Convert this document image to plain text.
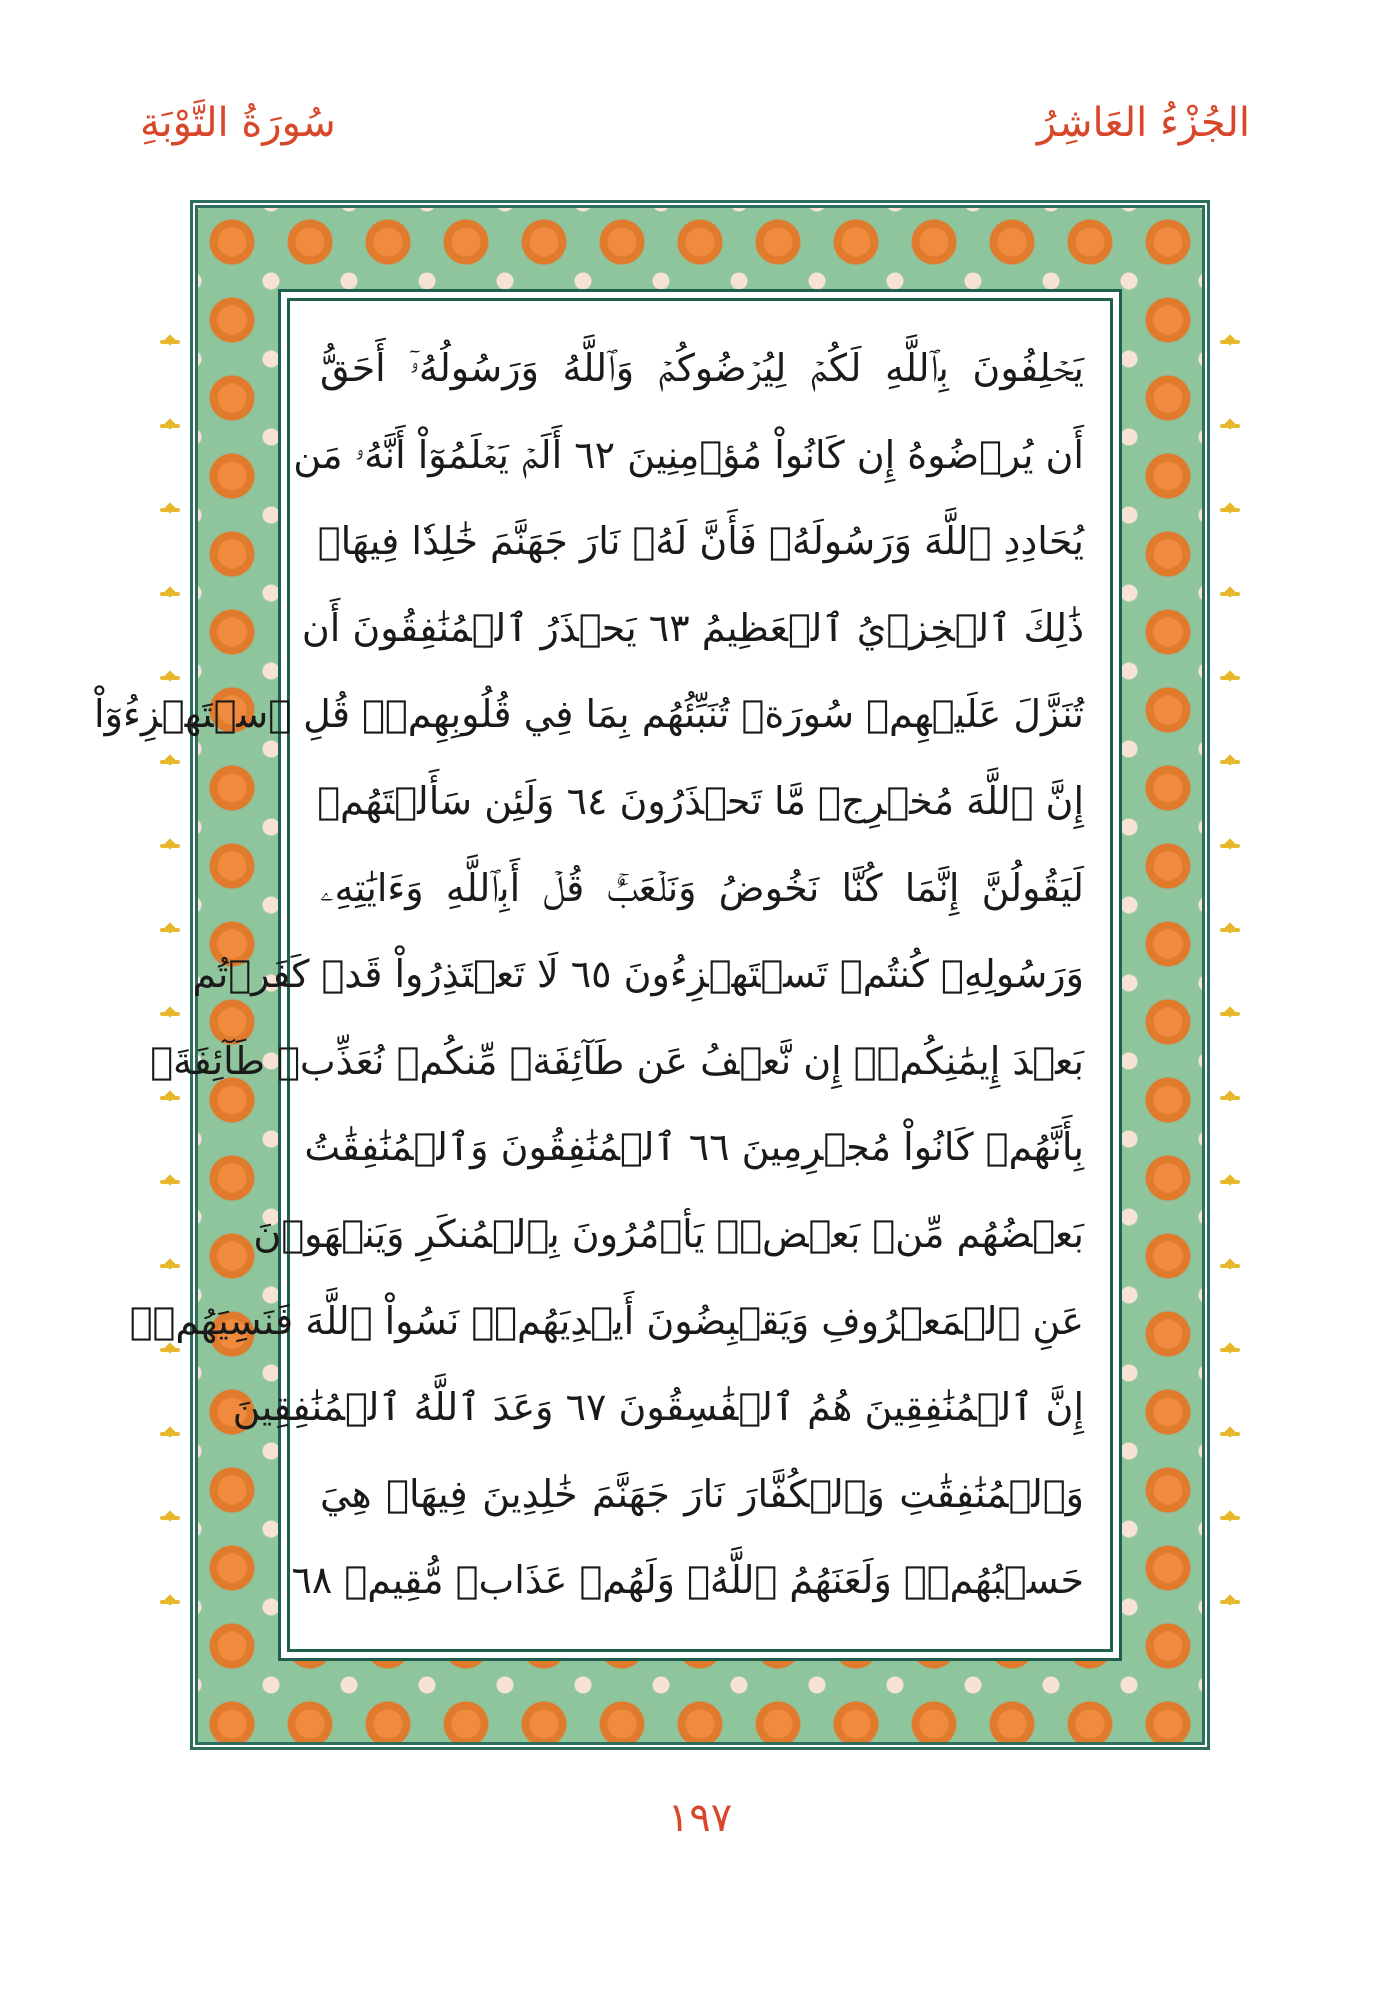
سُورَةُ التَّوْبَةِ	الجُزْءُ العَاشِرُ
يَحۡلِفُونَ بِٱللَّهِ لَكُمۡ لِيُرۡضُوكُمۡ وَٱللَّهُ وَرَسُولُهُۥٓ أَحَقُّ
أَن يُرۡضُوهُ إِن كَانُواْ مُؤۡمِنِينَ ٦٢ أَلَمۡ يَعۡلَمُوٓاْ أَنَّهُۥ مَن
يُحَادِدِ ٱللَّهَ وَرَسُولَهُۥ فَأَنَّ لَهُۥ نَارَ جَهَنَّمَ خَٰلِدٗا فِيهَاۚ
ذَٰلِكَ ٱلۡخِزۡيُ ٱلۡعَظِيمُ ٦٣ يَحۡذَرُ ٱلۡمُنَٰفِقُونَ أَن
تُنَزَّلَ عَلَيۡهِمۡ سُورَةٞ تُنَبِّئُهُم بِمَا فِي قُلُوبِهِمۡۚ قُلِ ٱسۡتَهۡزِءُوٓاْ
إِنَّ ٱللَّهَ مُخۡرِجٞ مَّا تَحۡذَرُونَ ٦٤ وَلَئِن سَأَلۡتَهُمۡ
لَيَقُولُنَّ إِنَّمَا كُنَّا نَخُوضُ وَنَلۡعَبُۚ قُلۡ أَبِٱللَّهِ وَءَايَٰتِهِۦ
وَرَسُولِهِۦ كُنتُمۡ تَسۡتَهۡزِءُونَ ٦٥ لَا تَعۡتَذِرُواْ قَدۡ كَفَرۡتُم
بَعۡدَ إِيمَٰنِكُمۡۚ إِن نَّعۡفُ عَن طَآئِفَةٖ مِّنكُمۡ نُعَذِّبۡ طَآئِفَةَۢ
بِأَنَّهُمۡ كَانُواْ مُجۡرِمِينَ ٦٦ ٱلۡمُنَٰفِقُونَ وَٱلۡمُنَٰفِقَٰتُ
بَعۡضُهُم مِّنۢ بَعۡضٖۚ يَأۡمُرُونَ بِٱلۡمُنكَرِ وَيَنۡهَوۡنَ
عَنِ ٱلۡمَعۡرُوفِ وَيَقۡبِضُونَ أَيۡدِيَهُمۡۚ نَسُواْ ٱللَّهَ فَنَسِيَهُمۡۚ
إِنَّ ٱلۡمُنَٰفِقِينَ هُمُ ٱلۡفَٰسِقُونَ ٦٧ وَعَدَ ٱللَّهُ ٱلۡمُنَٰفِقِينَ
وَٱلۡمُنَٰفِقَٰتِ وَٱلۡكُفَّارَ نَارَ جَهَنَّمَ خَٰلِدِينَ فِيهَاۚ هِيَ
حَسۡبُهُمۡۚ وَلَعَنَهُمُ ٱللَّهُۖ وَلَهُمۡ عَذَابٞ مُّقِيمٞ ٦٨
١٩٧
